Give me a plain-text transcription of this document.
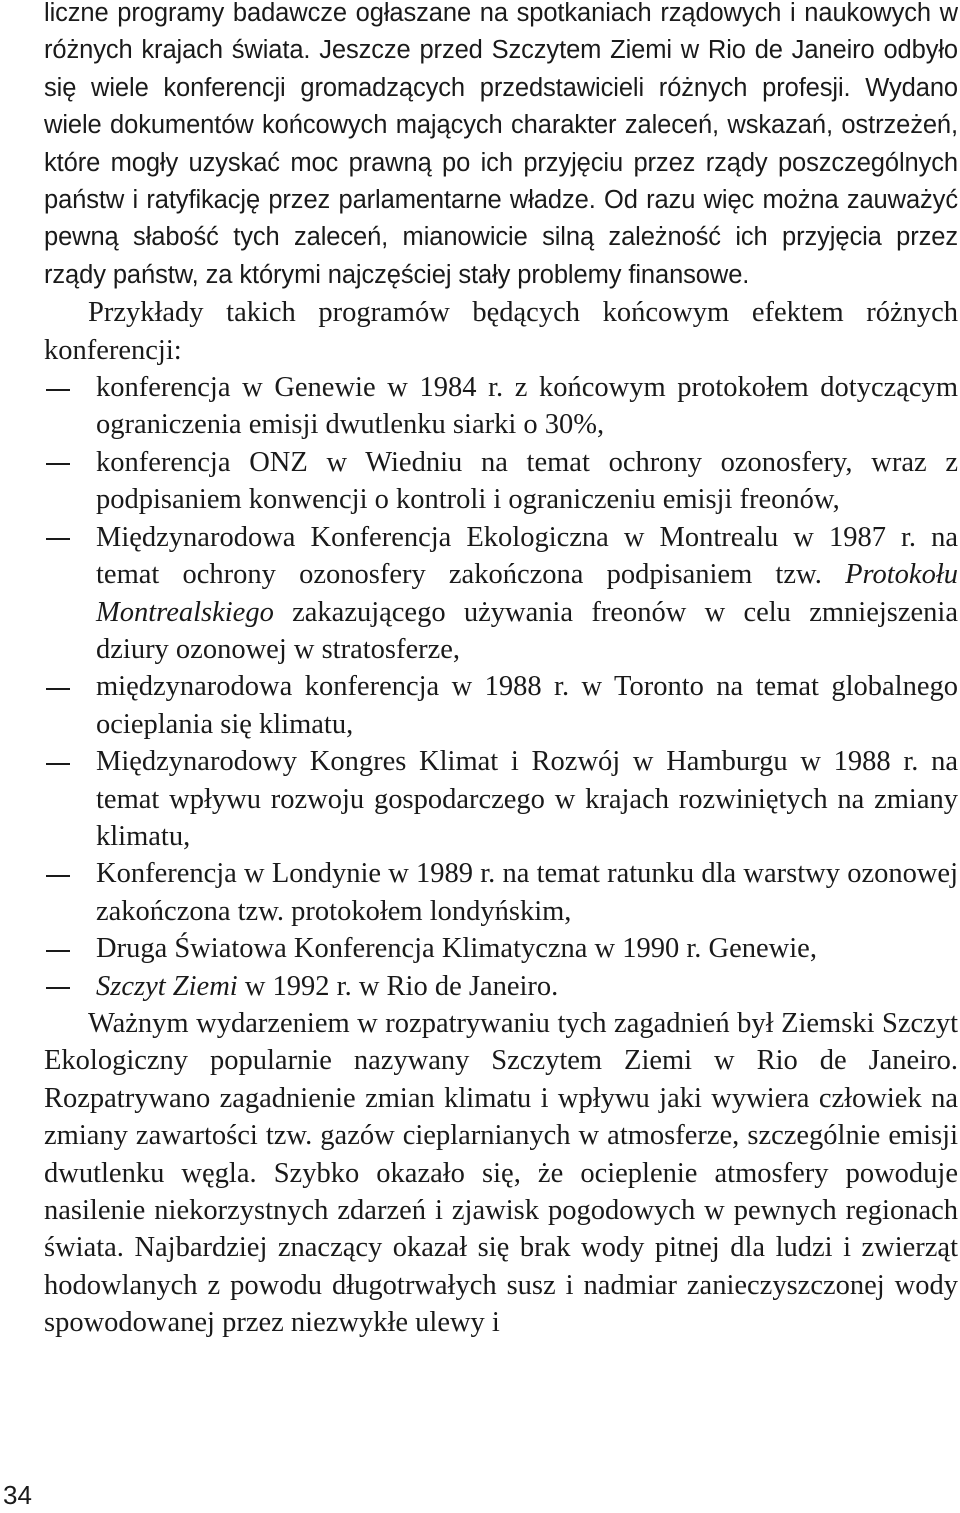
liczne programy badawcze ogłaszane na spotkaniach rządowych i naukowych w różnych krajach świata. Jeszcze przed Szczytem Ziemi w Rio de Janeiro odbyło się wiele konferencji gromadzących przedstawicieli różnych profesji. Wydano wiele dokumentów końcowych mających charakter zaleceń, wskazań, ostrzeżeń, które mogły uzyskać moc prawną po ich przyjęciu przez rządy poszczególnych państw i ratyfikację przez parlamentarne władze. Od razu więc można zauważyć pewną słabość tych zaleceń, mianowicie silną zależność ich przyjęcia przez rządy państw, za którymi najczęściej stały problemy finansowe.

Przykłady takich programów będących końcowym efektem różnych konferencji:

konferencja w Genewie w 1984 r. z końcowym protokołem dotyczącym ograniczenia emisji dwutlenku siarki o 30%,

konferencja ONZ w Wiedniu na temat ochrony ozonosfery, wraz z podpisaniem konwencji o kontroli i ograniczeniu emisji freonów,

Międzynarodowa Konferencja Ekologiczna w Montrealu w 1987 r. na temat ochrony ozonosfery zakończona podpisaniem tzw. Protokołu Montrealskiego zakazującego używania freonów w celu zmniejszenia dziury ozonowej w stratosferze,

międzynarodowa konferencja w 1988 r. w Toronto na temat globalnego ocieplania się klimatu,

Międzynarodowy Kongres Klimat i Rozwój w Hamburgu w 1988 r. na temat wpływu rozwoju gospodarczego w krajach rozwiniętych na zmiany klimatu,

Konferencja w Londynie w 1989 r. na temat ratunku dla warstwy ozonowej zakończona tzw. protokołem londyńskim,

Druga Światowa Konferencja Klimatyczna w 1990 r. Genewie,

Szczyt Ziemi w 1992 r. w Rio de Janeiro.

Ważnym wydarzeniem w rozpatrywaniu tych zagadnień był Ziemski Szczyt Ekologiczny popularnie nazywany Szczytem Ziemi w Rio de Janeiro. Rozpatrywano zagadnienie zmian klimatu i wpływu jaki wywiera człowiek na zmiany zawartości tzw. gazów cieplarnianych w atmosferze, szczególnie emisji dwutlenku węgla. Szybko okazało się, że ocieplenie atmosfery powoduje nasilenie niekorzystnych zdarzeń i zjawisk pogodowych w pewnych regionach świata. Najbardziej znaczący okazał się brak wody pitnej dla ludzi i zwierząt hodowlanych z powodu długotrwałych susz i nadmiar zanieczyszczonej wody spowodowanej przez niezwykłe ulewy i

34
